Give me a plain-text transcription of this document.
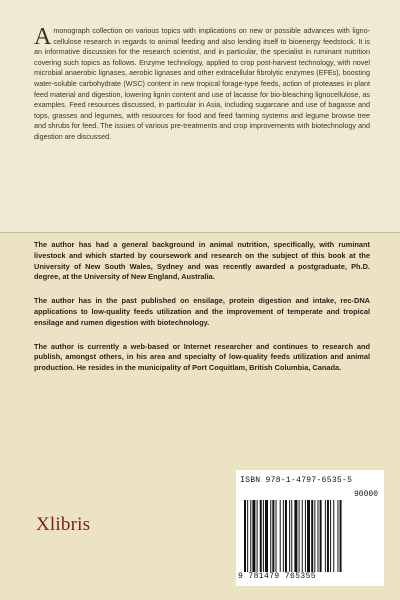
Amonograph collection on various topics with implications on new or possible advances with ligno-cellulose research in regards to animal feeding and also lending itself to bioenergy feedstock. It is an informative discussion for the research scientist, and in particular, the specialist in ruminant nutrition covering such topics as follows. Enzyme technology, applied to crop post-harvest technology, with novel microbial anaerobic lignases, aerobic lignases and other extracellular fibrolytic enzymes (EFEs), boosting water-soluble carbohydrate (WSC) content in new tropical forage-type feeds, action of proteases in plant feed material and digestion, lowering lignin content and use of lacasse for bio-bleaching lignocellulose, as examples. Feed resources discussed, in particular in Asia, including sugarcane and use of bagasse and tops, grasses and legumes, with resources for food and feed farming systems and legume browse tree and shrubs for feed. The issues of various pre-treatments and crop improvements with biotechnology and digestion are discussed.

The author has had a general background in animal nutrition, specifically, with ruminant livestock and which started by coursework and research on the subject of this book at the University of New South Wales, Sydney and was recently awarded a postgraduate, Ph.D. degree, at the University of New England, Australia.

The author has in the past published on ensilage, protein digestion and intake, rec-DNA applications to low-quality feeds utilization and the improvement of temperate and tropical ensilage and rumen digestion with biotechnology.

The author is currently a web-based or Internet researcher and continues to research and publish, amongst others, in his area and specialty of low-quality feeds utilization and animal production. He resides in the municipality of Port Coquitlam, British Columbia, Canada.

Xlibris
ISBN 978-1-4797-6535-5
90000
9 781479 765355
